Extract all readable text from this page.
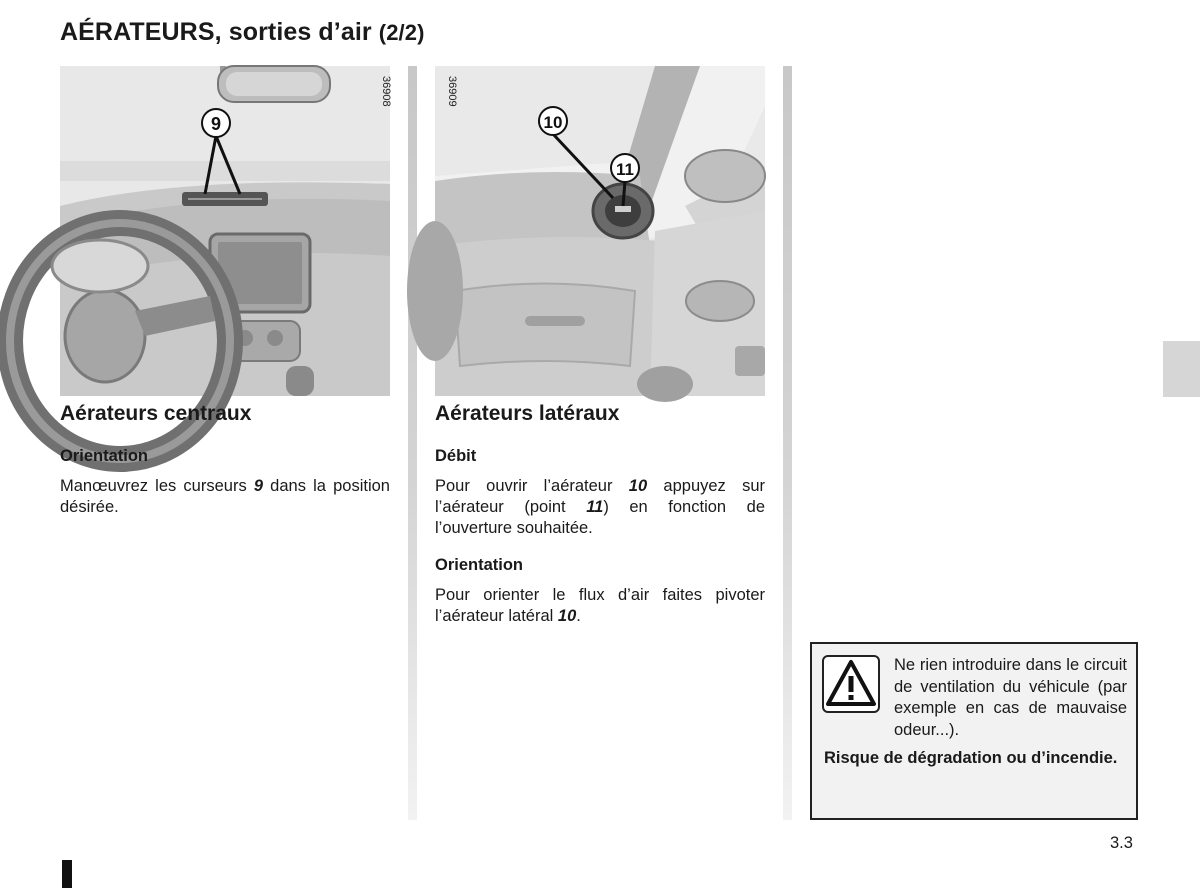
AÉRATEURS, sorties d’air (2/2)
36908
9
36909
10
11
Aérateurs centraux
Orientation

Manœuvrez les curseurs 9 dans la position désirée.

Aérateurs latéraux
Débit

Pour ouvrir l’aérateur 10 appuyez sur l’aérateur (point 11) en fonction de l’ouverture souhaitée.

Orientation

Pour orienter le flux d’air faites pivoter l’aérateur latéral 10.

Ne rien introduire dans le circuit de ventilation du véhicule (par exemple en cas de mauvaise odeur...).

Risque de dégradation ou d’incendie.

3.3
